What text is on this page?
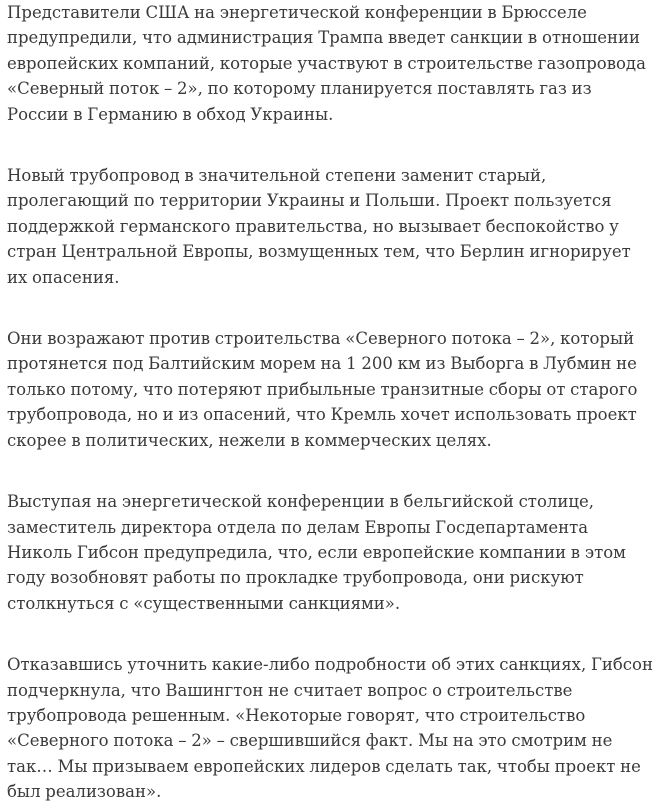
Представители США на энергетической конференции в Брюсселе предупредили, что администрация Трампа введет санкции в отношении европейских компаний, которые участвуют в строительстве газопровода «Северный поток – 2», по которому планируется поставлять газ из России в Германию в обход Украины.

Новый трубопровод в значительной степени заменит старый, пролегающий по территории Украины и Польши. Проект пользуется поддержкой германского правительства, но вызывает беспокойство у стран Центральной Европы, возмущенных тем, что Берлин игнорирует их опасения.

Они возражают против строительства «Северного потока – 2», который протянется под Балтийским морем на 1 200 км из Выборга в Лубмин не только потому, что потеряют прибыльные транзитные сборы от старого трубопровода, но и из опасений, что Кремль хочет использовать проект скорее в политических, нежели в коммерческих целях.

Выступая на энергетической конференции в бельгийской столице, заместитель директора отдела по делам Европы Госдепартамента Николь Гибсон предупредила, что, если европейские компании в этом году возобновят работы по прокладке трубопровода, они рискуют столкнуться с «существенными санкциями».

Отказавшись уточнить какие-либо подробности об этих санкциях, Гибсон подчеркнула, что Вашингтон не считает вопрос о строительстве трубопровода решенным. «Некоторые говорят, что строительство «Северного потока – 2» – свершившийся факт. Мы на это смотрим не так… Мы призываем европейских лидеров сделать так, чтобы проект не был реализован».
